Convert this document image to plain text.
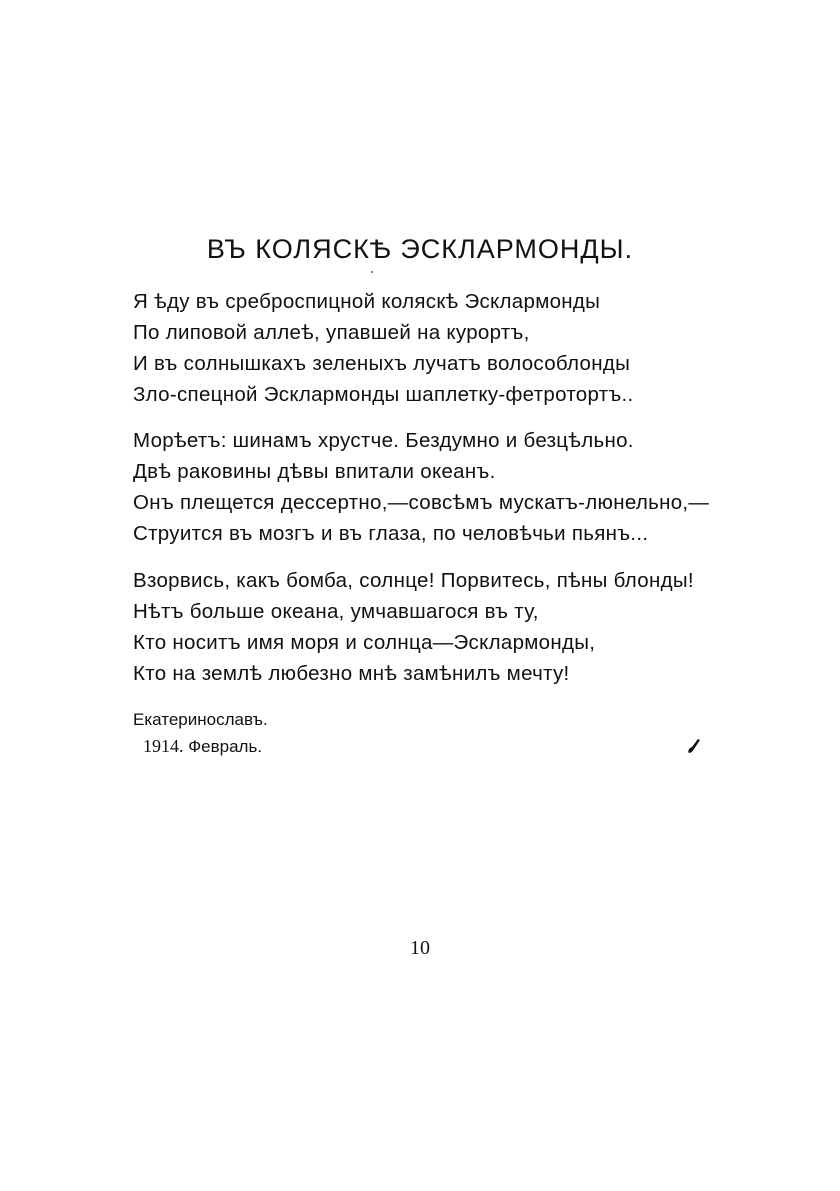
ВЪ КОЛЯСКѢ ЭСКЛАРМОНДЫ.
Я ѣду въ среброспицной коляскѣ Эсклармонды
По липовой аллеѣ, упавшей на курортъ,
И въ солнышкахъ зеленыхъ лучатъ волособлонды
Зло-спецной Эсклармонды шаплетку-фетротортъ..
Морѣетъ: шинамъ хрустче. Бездумно и безцѣльно.
Двѣ раковины дѣвы впитали океанъ.
Онъ плещется дессертно,—совсѣмъ мускатъ-люнельно,—
Струится въ мозгъ и въ глаза, по человѣчьи пьянъ...
Взорвись, какъ бомба, солнце! Порвитесь, пѣны блонды!
Нѣтъ больше океана, умчавшагося въ ту,
Кто носитъ имя моря и солнца—Эсклармонды,
Кто на землѣ любезно мнѣ замѣнилъ мечту!
Екатеринославъ.
1914. Февраль.
10
